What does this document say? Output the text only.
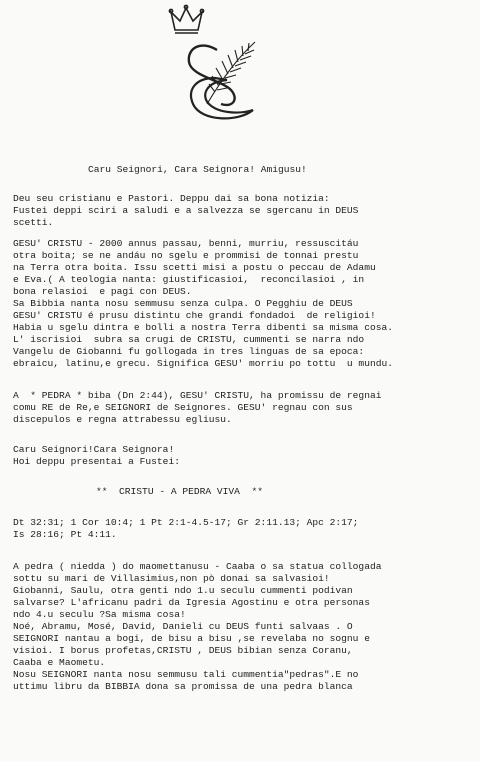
Caru Seignori, Cara Seignora! Amigusu!
Deu seu cristianu e Pastori. Deppu dai sa bona notizia:
Fustei deppi sciri a saludi e a salvezza se sgercanu in DEUS
scetti.
GESU' CRISTU - 2000 annus passau, benni, murriu, ressuscitáu
otra boita; se ne andáu no sgelu e prommisi de tonnai prestu
na Terra otra boita. Issu scetti misi a postu o peccau de Adamu
e Eva.( A teologia nanta: giustificasioi,  reconcilasioi , in
bona relasioi  e pagi con DEUS.
Sa Bibbia nanta nosu semmusu senza culpa. O Pegghiu de DEUS
GESU' CRISTU é prusu distintu che grandi fondadoi  de religioi!
Habia u sgelu dintra e bolli a nostra Terra dibenti sa misma cosa.
L' iscrisioi  subra sa crugi de CRISTU, cummenti se narra ndo
Vangelu de Giobanni fu gollogada in tres linguas de sa epoca:
ebraicu, latinu,e grecu. Significa GESU' morriu po tottu  u mundu.
A  * PEDRA * biba (Dn 2:44), GESU' CRISTU, ha promissu de regnai
comu RE de Re,e SEIGNORI de Seignores. GESU' regnau con sus
discepulos e regna attrabessu egliusu.
Caru Seignori!Cara Seignora!
Hoi deppu presentai a Fustei:
**  CRISTU - A PEDRA VIVA  **
Dt 32:31; 1 Cor 10:4; 1 Pt 2:1-4.5-17; Gr 2:11.13; Apc 2:17;
Is 28:16; Pt 4:11.
A pedra ( niedda ) do maomettanusu - Caaba o sa statua collogada
sottu su mari de Villasimius,non pò donai sa salvasioi!
Giobanni, Saulu, otra genti ndo 1.u seculu cummenti podivan
salvarse? L'africanu padri da Igresia Agostinu e otra personas
ndo 4.u seculu ?Sa misma cosa!
Noé, Abramu, Mosé, David, Danieli cu DEUS funti salvaas . O
SEIGNORI nantau a bogi, de bisu a bisu ,se revelaba no sognu e
visioi. I borus profetas,CRISTU , DEUS bibian senza Coranu,
Caaba e Maometu.
Nosu SEIGNORI nanta nosu semmusu tali cummentia"pedras".E no
uttimu libru da BIBBIA dona sa promissa de una pedra blanca
